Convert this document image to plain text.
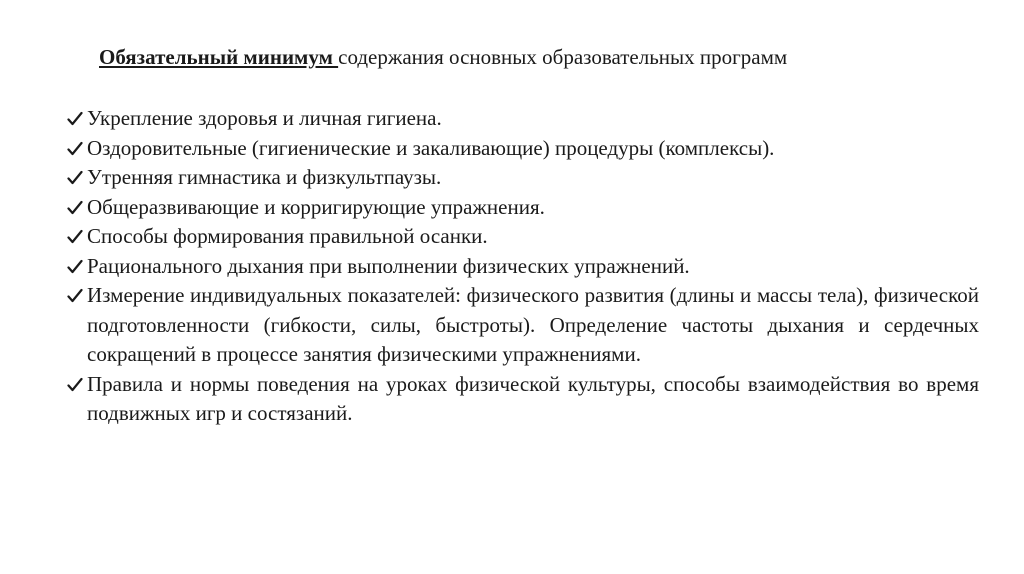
Обязательный минимум содержания основных образовательных программ
Укрепление здоровья и личная гигиена.
Оздоровительные (гигиенические и закаливающие) процедуры (комплексы).
Утренняя гимнастика и физкультпаузы.
Общеразвивающие и корригирующие упражнения.
Способы формирования правильной осанки.
Рационального дыхания при выполнении физических упражнений.
Измерение индивидуальных показателей: физического развития (длины и массы тела), физической подготовленности (гибкости, силы, быстроты). Определение частоты дыхания и сердечных сокращений в процессе занятия физическими упражнениями.
Правила и нормы поведения на уроках физической культуры, способы взаимодействия во время подвижных игр и состязаний.
